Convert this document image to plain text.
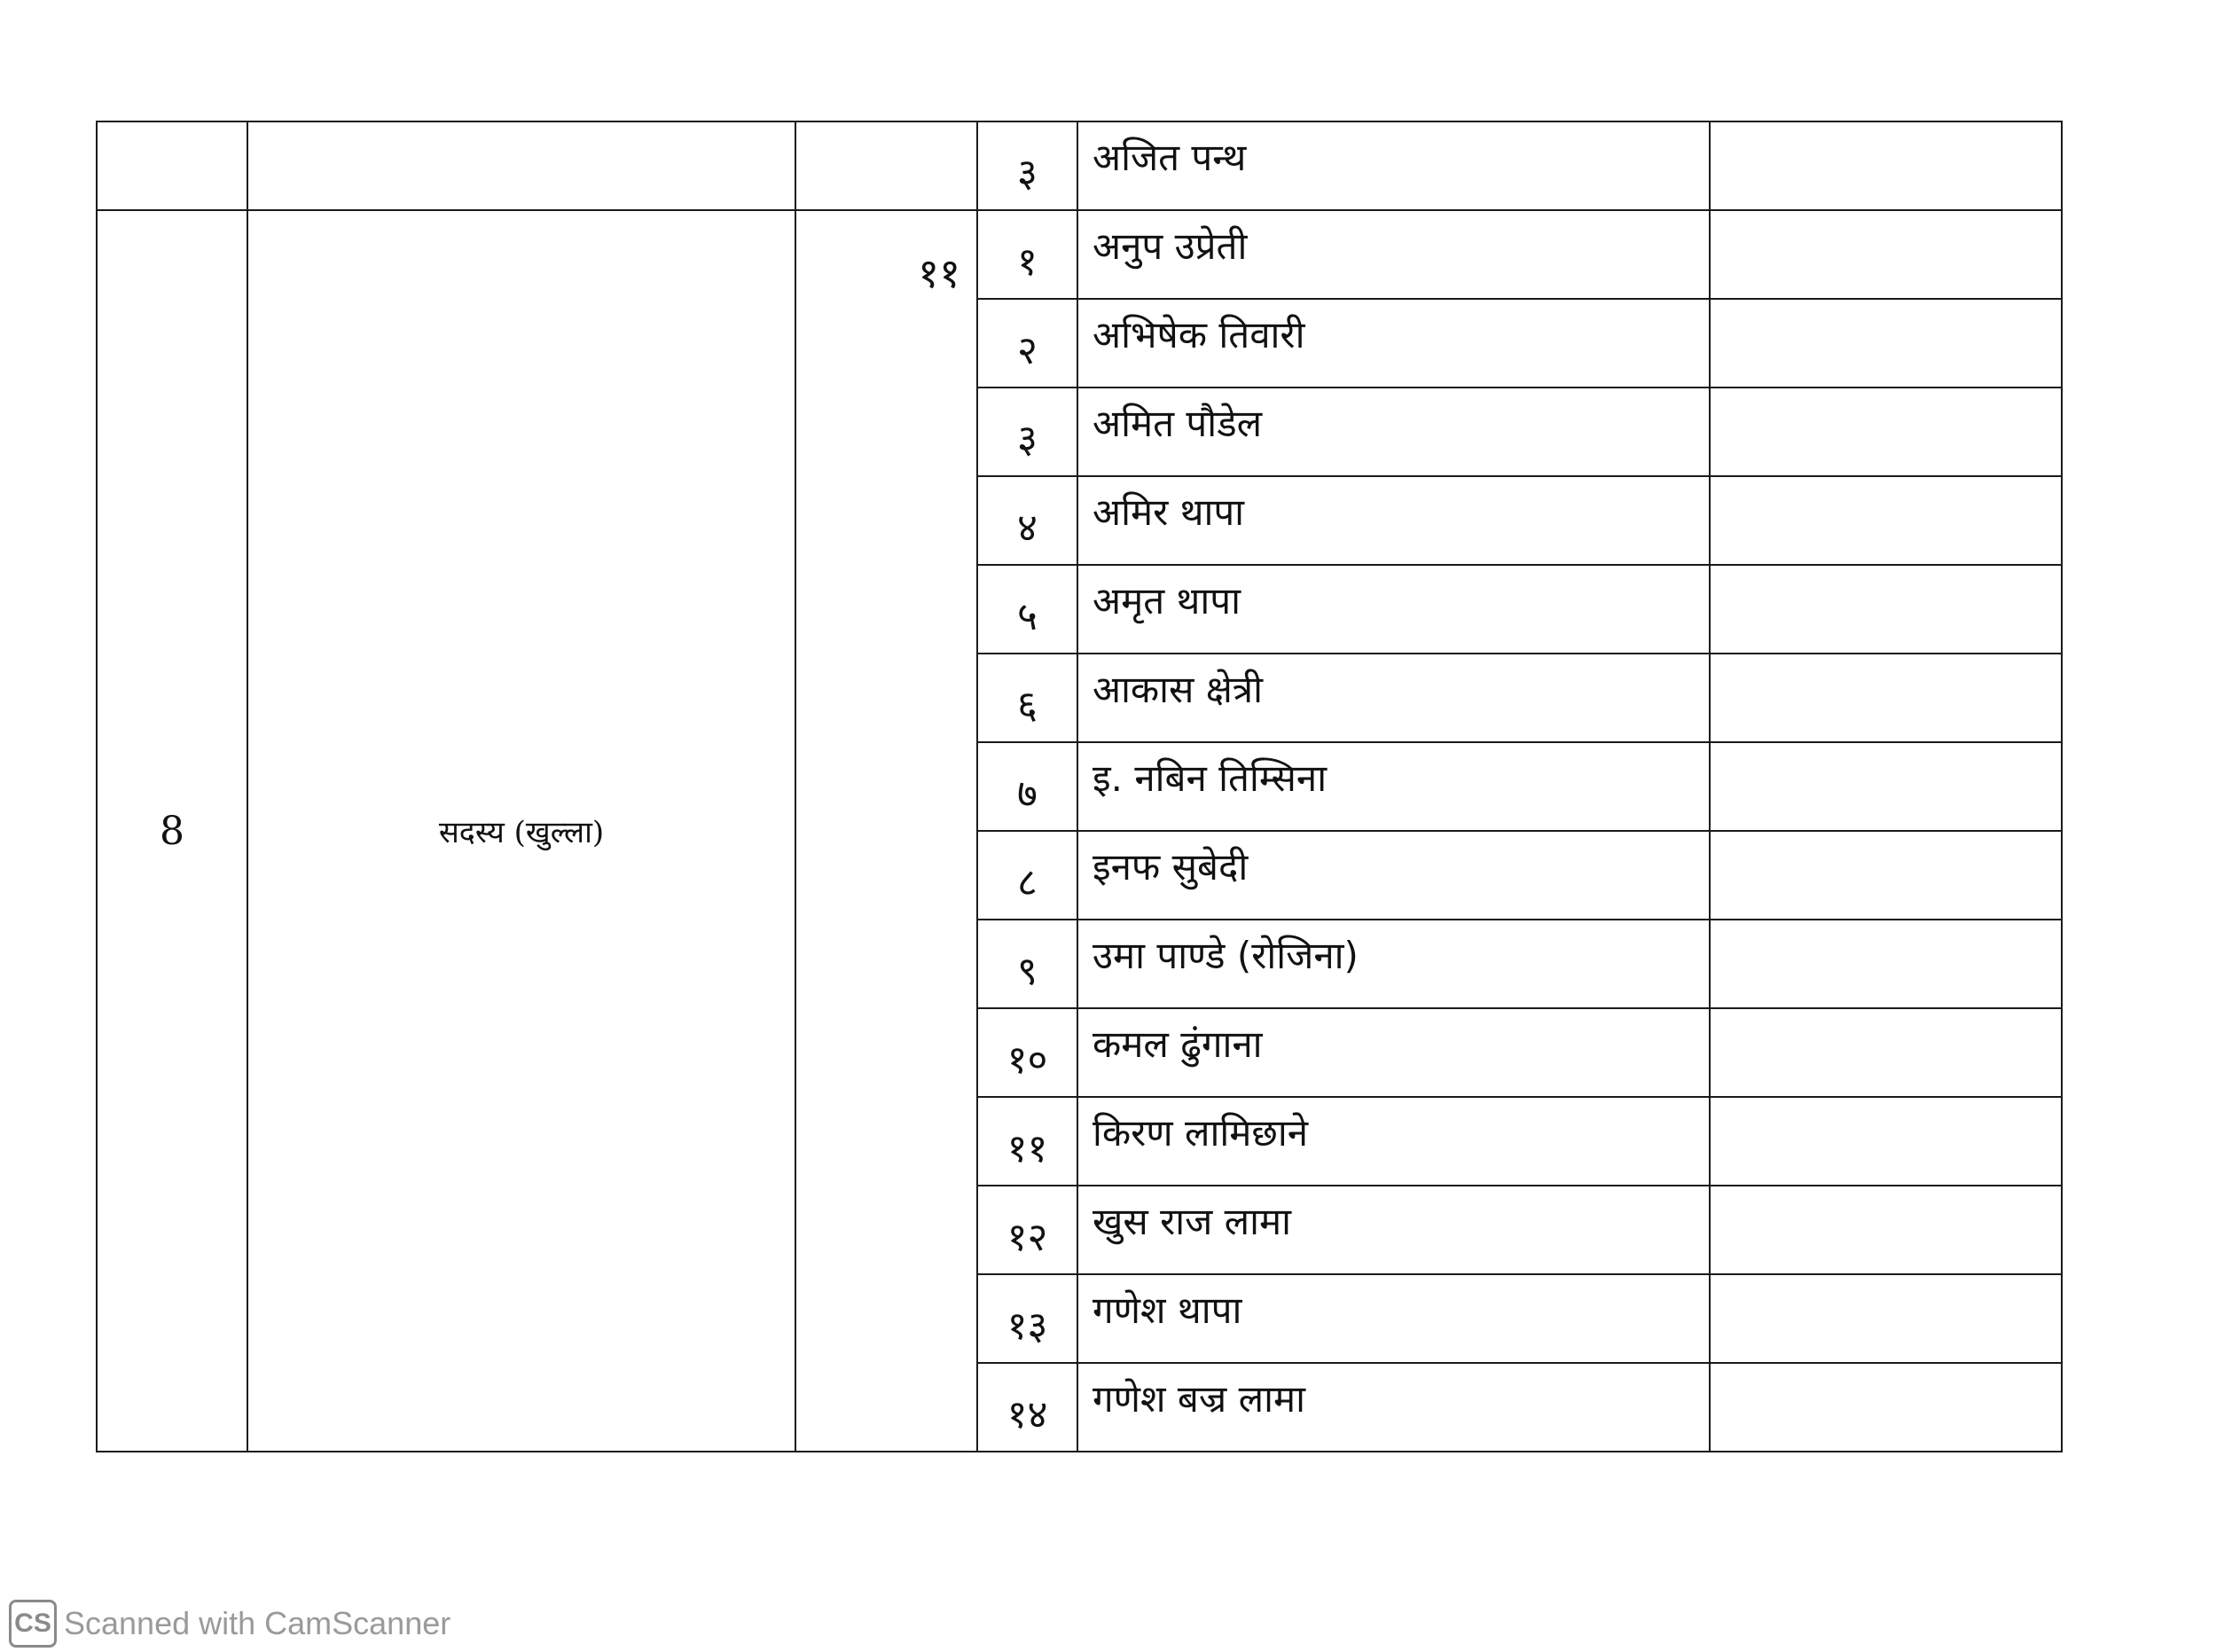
			३	अजित पन्थ	
8	सदस्य (खुल्ला)	११	१	अनुप उप्रेती	
			२	अभिषेक तिवारी	
			३	अमित पौडेल	
			४	अमिर थापा	
			५	अमृत थापा	
			६	आकास क्षेत्री	
			७	इ. नबिन तिम्सिना	
			८	इनफ सुबेदी	
			९	उमा पाण्डे (रोजिना)	
			१०	कमल ढुंगाना	
			११	किरण लामिछाने	
			१२	खुस राज लामा	
			१३	गणेश थापा	
			१४	गणेश बज्र लामा	
CS Scanned with CamScanner
